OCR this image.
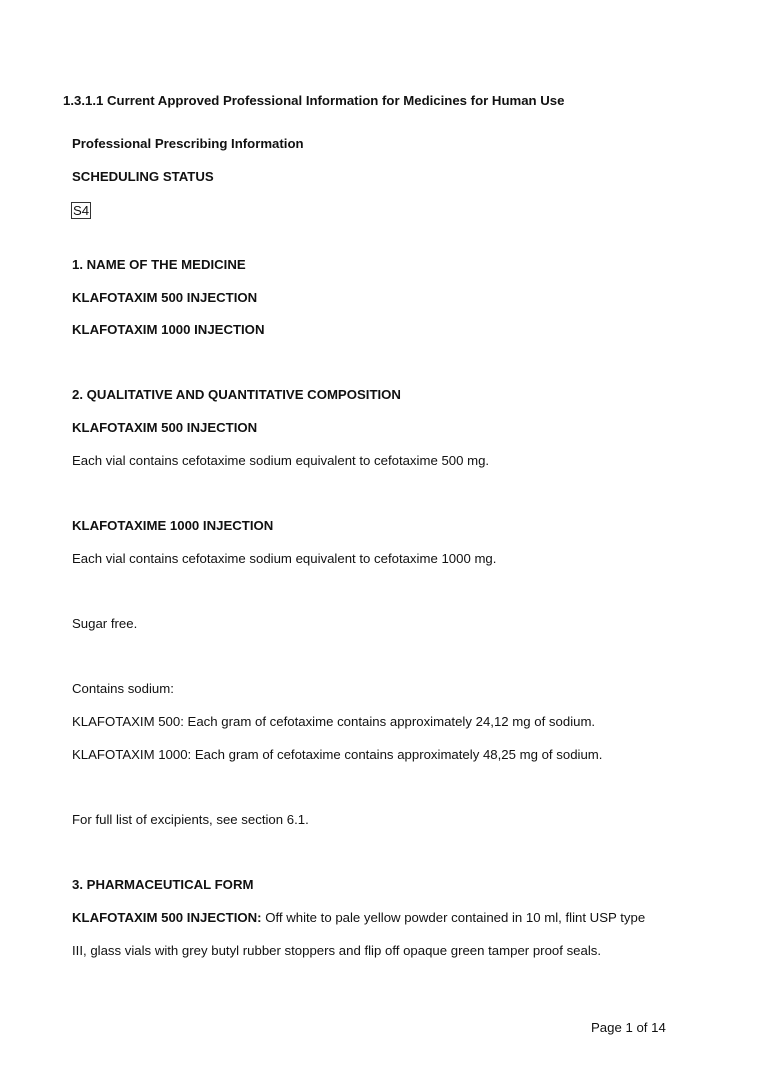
1.3.1.1 Current Approved Professional Information for Medicines for Human Use
Professional Prescribing Information
SCHEDULING STATUS
S4
1. NAME OF THE MEDICINE
KLAFOTAXIM 500 INJECTION
KLAFOTAXIM 1000 INJECTION
2. QUALITATIVE AND QUANTITATIVE COMPOSITION
KLAFOTAXIM 500 INJECTION
Each vial contains cefotaxime sodium equivalent to cefotaxime 500 mg.
KLAFOTAXIME 1000 INJECTION
Each vial contains cefotaxime sodium equivalent to cefotaxime 1000 mg.
Sugar free.
Contains sodium:
KLAFOTAXIM 500: Each gram of cefotaxime contains approximately 24,12 mg of sodium.
KLAFOTAXIM 1000: Each gram of cefotaxime contains approximately 48,25 mg of sodium.
For full list of excipients, see section 6.1.
3. PHARMACEUTICAL FORM
KLAFOTAXIM 500 INJECTION: Off white to pale yellow powder contained in 10 ml, flint USP type
III, glass vials with grey butyl rubber stoppers and flip off opaque green tamper proof seals.
Page 1 of 14
